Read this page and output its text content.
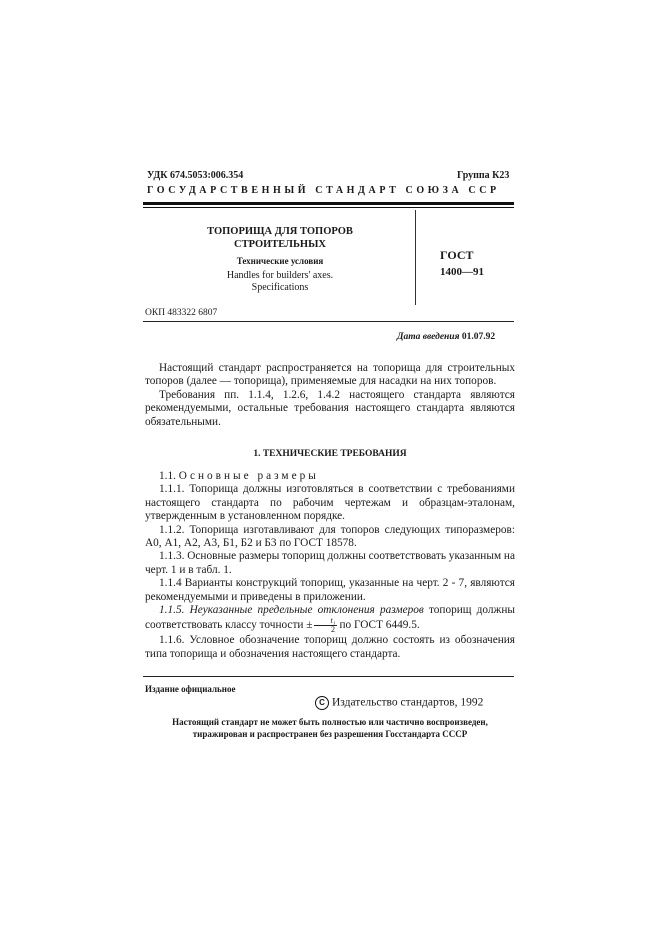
УДК 674.5053:006.354	Группа К23
ГОСУДАРСТВЕННЫЙ СТАНДАРТ СОЮЗА ССР
ТОПОРИЩА ДЛЯ ТОПОРОВ
СТРОИТЕЛЬНЫХ
Технические условия
Handles for builders' axes.
Specifications
ГОСТ
1400—91
ОКП 483322 6807
Дата введения 01.07.92

Настоящий стандарт распространяется на топорища для строительных топоров (далее — топорища), применяемые для насадки на них топоров.

Требования пп. 1.1.4, 1.2.6, 1.4.2 настоящего стандарта являются рекомендуемыми, остальные требования настоящего стандарта являются обязательными.

1. ТЕХНИЧЕСКИЕ ТРЕБОВАНИЯ

1.1. Основные размеры

1.1.1. Топорища должны изготовляться в соответствии с требованиями настоящего стандарта по рабочим чертежам и образцам-эталонам, утвержденным в установленном порядке.

1.1.2. Топорища изготавливают для топоров следующих типоразмеров: А0, А1, А2, А3, Б1, Б2 и Б3 по ГОСТ 18578.

1.1.3. Основные размеры топорищ должны соответствовать указанным на черт. 1 и в табл. 1.

1.1.4 Варианты конструкций топорищ, указанные на черт. 2 - 7, являются рекомендуемыми и приведены в приложении.

1.1.5. Неуказанные предельные отклонения размеров топорищ должны соответствовать классу точности ± $\frac{\text{t₁}}{2}$ по ГОСТ 6449.5.

1.1.6. Условное обозначение топорищ должно состоять из обозначения типа топорища и обозначения настоящего стандарта.

Издание официальное
C Издательство стандартов, 1992
Настоящий стандарт не может быть полностью или частично воспроизведен,
тиражирован и распространен без разрешения Госстандарта СССР
